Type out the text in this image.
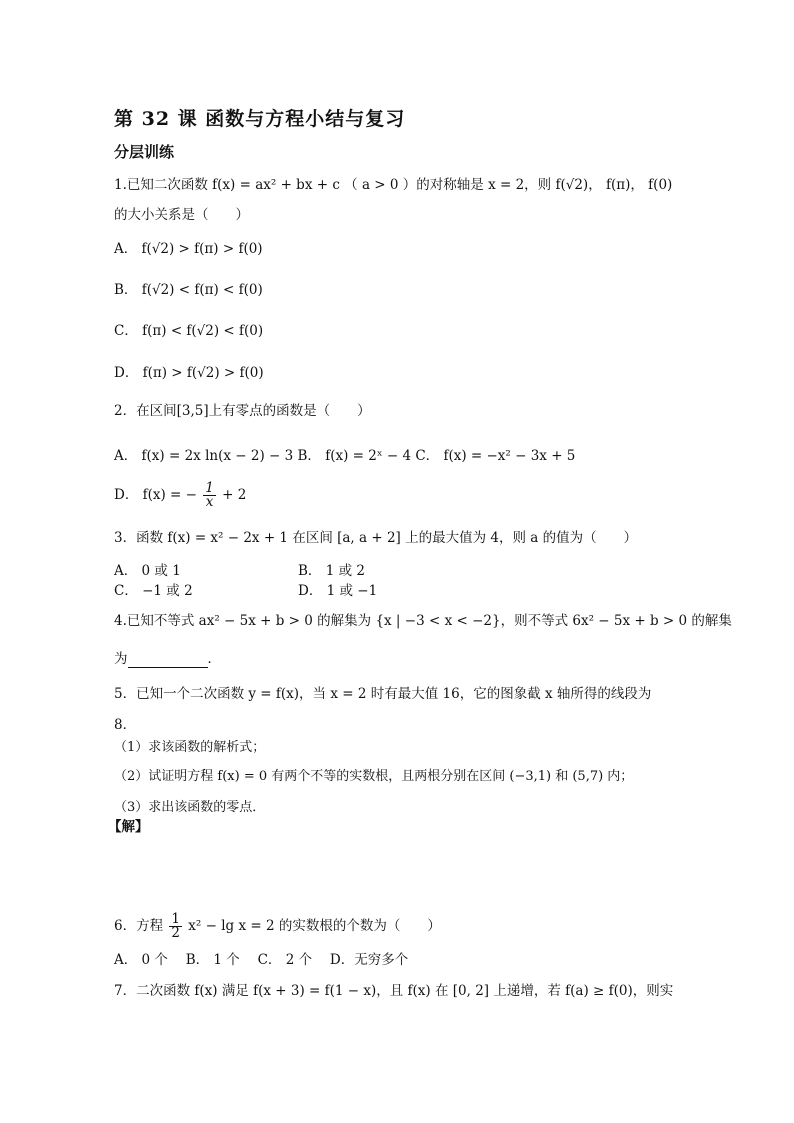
第 32 课 函数与方程小结与复习
分层训练
1.已知二次函数 f(x) = ax² + bx + c （ a > 0 ）的对称轴是 x = 2，则 f(√2)， f(π)， f(0)
的大小关系是（　　）
A． f(√2) > f(π) > f(0)
B． f(√2) < f(π) < f(0)
C． f(π) < f(√2) < f(0)
D． f(π) > f(√2) > f(0)
2．在区间[3,5]上有零点的函数是（　　）
A． f(x) = 2x ln(x − 2) − 3 B． f(x) = 2ˣ − 4 C． f(x) = −x² − 3x + 5
D． f(x) = − $\frac{1}{x} + 2$
3．函数 f(x) = x² − 2x + 1 在区间 [a, a + 2] 上的最大值为 4，则 a 的值为（　　）
A． 0 或 1	B． 1 或 2
C． −1 或 2	D． 1 或 −1
4.已知不等式 ax² − 5x + b > 0 的解集为 {x | −3 < x < −2}，则不等式 6x² − 5x + b > 0 的解集
为	．
5．已知一个二次函数 y = f(x)，当 x = 2 时有最大值 16，它的图象截 x 轴所得的线段为
8．
（1）求该函数的解析式；
（2）试证明方程 f(x) = 0 有两个不等的实数根，且两根分别在区间 (−3,1) 和 (5,7) 内；
（3）求出该函数的零点．
【解】
6．方程 $\frac{1}{2} x^2 - \lg x = 2$ 的实数根的个数为（　　）
A． 0 个　 B． 1 个　 C． 2 个　 D．无穷多个
7．二次函数 f(x) 满足 f(x + 3) = f(1 − x)，且 f(x) 在 [0, 2] 上递增，若 f(a) ≥ f(0)，则实
